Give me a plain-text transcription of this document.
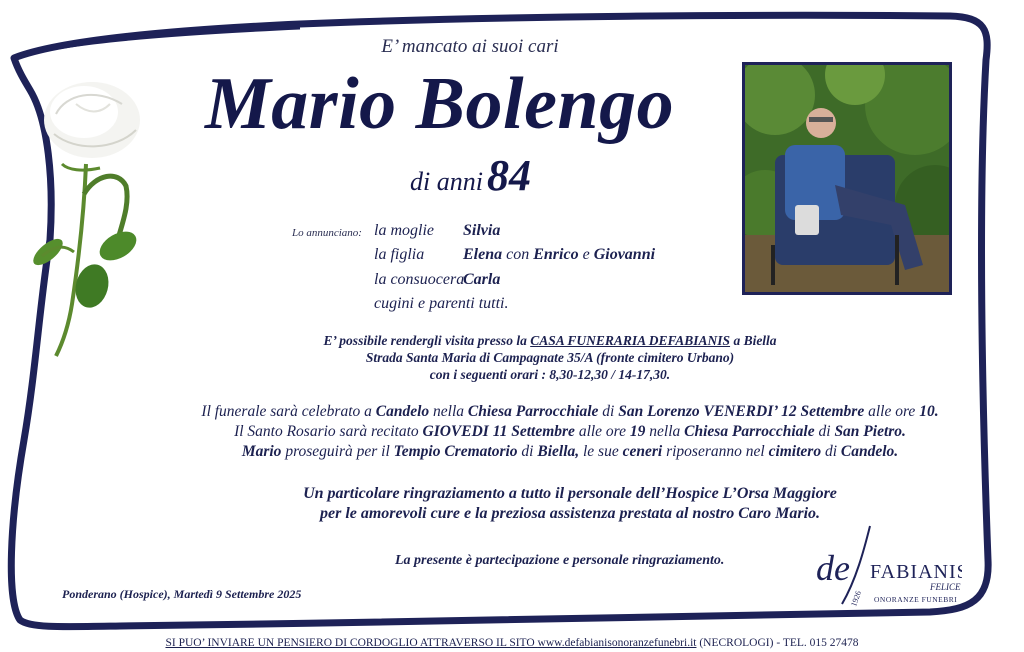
E’ mancato ai suoi cari
Mario Bolengo
di anni84
Lo annunciano: la moglie Silvia
la figlia Elena con Enrico e Giovanni
la consuoceraCarla
cugini e parenti tutti.
E’ possibile rendergli visita presso la CASA FUNERARIA DEFABIANIS a Biella
Strada Santa Maria di Campagnate 35/A (fronte cimitero Urbano)
con i seguenti orari : 8,30-12,30 / 14-17,30.
Il funerale sarà celebrato a Candelo nella Chiesa Parrocchiale di San Lorenzo VENERDI’ 12 Settembre alle ore 10.
Il Santo Rosario sarà recitato GIOVEDI 11 Settembre alle ore 19 nella Chiesa Parrocchiale di San Pietro.
Mario proseguirà per il Tempio Crematorio di Biella, le sue ceneri riposeranno nel cimitero di Candelo.
Un particolare ringraziamento a tutto il personale dell’Hospice L’Orsa Maggiore
per le amorevoli cure e la preziosa assistenza prestata al nostro Caro Mario.
La presente è partecipazione e personale ringraziamento.
Ponderano (Hospice), Martedì 9 Settembre 2025
de FABIANIS
FELICE
1926 ONORANZE FUNEBRI
SI PUO’ INVIARE UN PENSIERO DI CORDOGLIO ATTRAVERSO IL SITO www.defabianisonoranzefunebri.it (NECROLOGI) - TEL. 015 27478
